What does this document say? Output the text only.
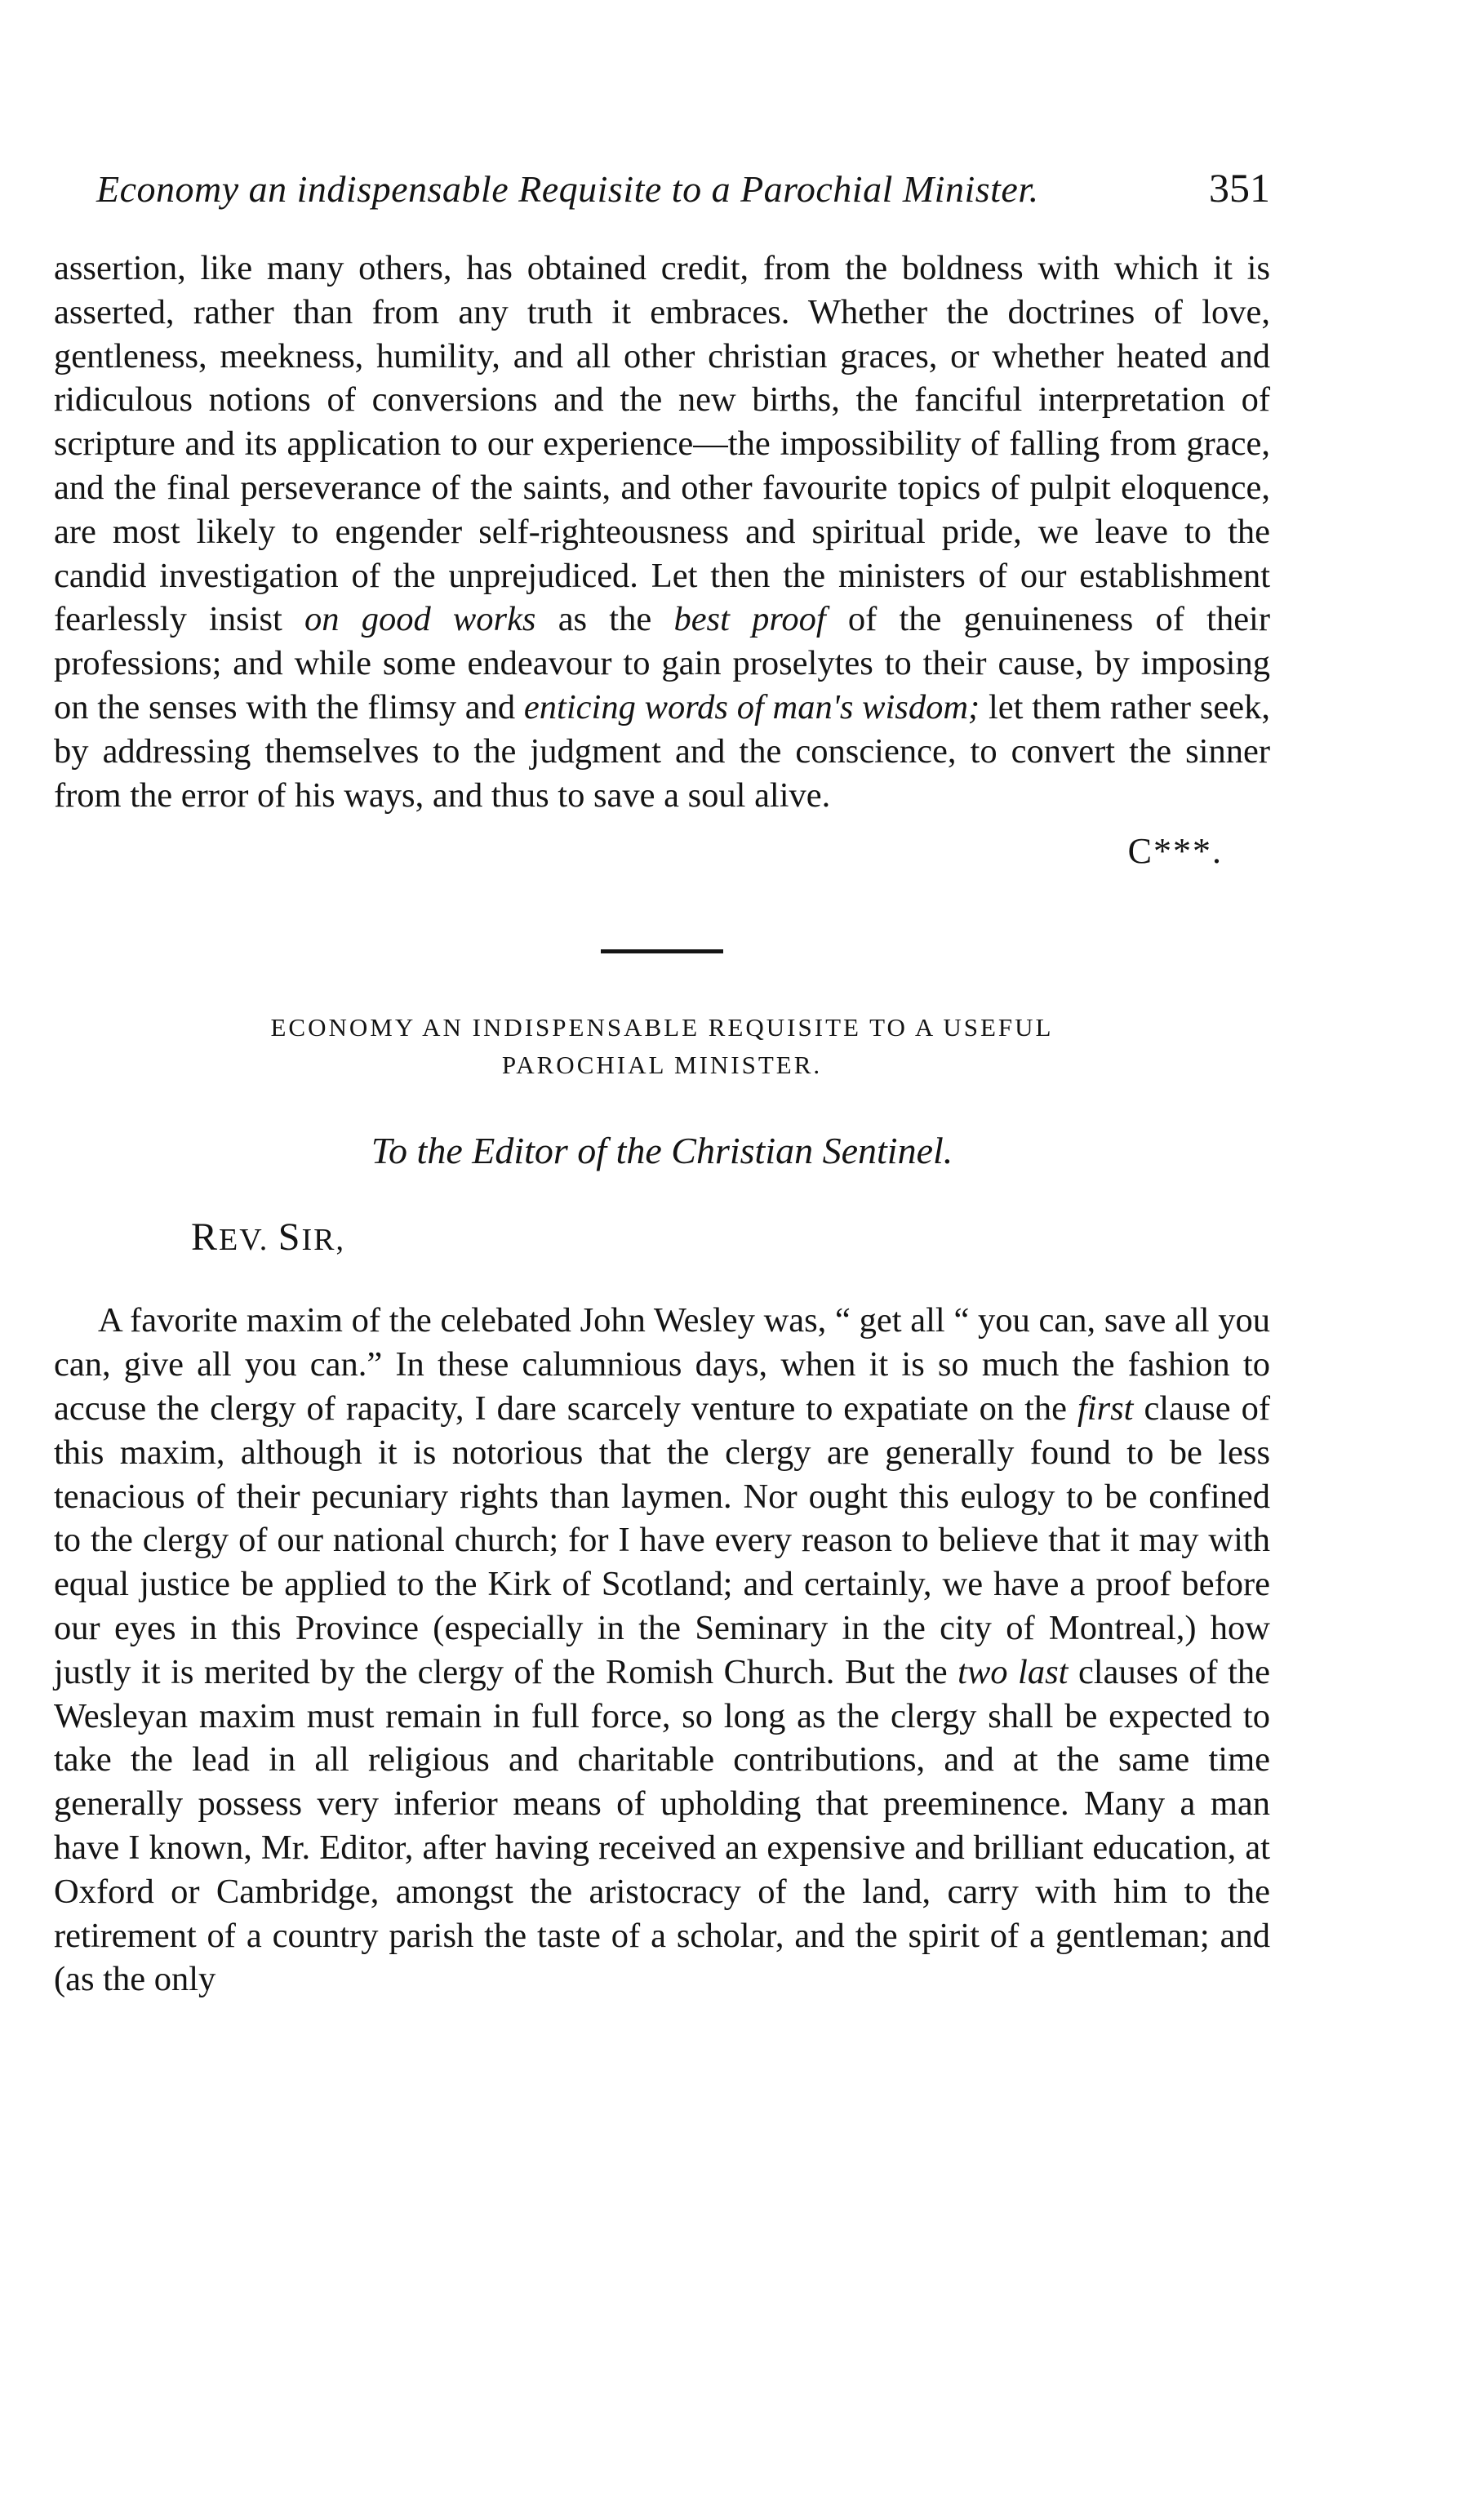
Economy an indispensable Requisite to a Parochial Minister.	351

assertion, like many others, has obtained credit, from the boldness with which it is asserted, rather than from any truth it embraces. Whether the doctrines of love, gentleness, meekness, humility, and all other christian graces, or whether heated and ridiculous notions of conversions and the new births, the fanciful interpretation of scripture and its application to our experience—the impossibility of falling from grace, and the final perseverance of the saints, and other favourite topics of pulpit eloquence, are most likely to engender self-righteousness and spiritual pride, we leave to the candid investigation of the unprejudiced. Let then the ministers of our establishment fearlessly insist on good works as the best proof of the genuineness of their professions; and while some endeavour to gain proselytes to their cause, by imposing on the senses with the flimsy and enticing words of man's wisdom; let them rather seek, by addressing themselves to the judgment and the conscience, to convert the sinner from the error of his ways, and thus to save a soul alive.

C***.

ECONOMY AN INDISPENSABLE REQUISITE TO A USEFUL

PAROCHIAL MINISTER.

To the Editor of the Christian Sentinel.

REV. SIR,

A favorite maxim of the celebated John Wesley was, “ get all “ you can, save all you can, give all you can.” In these calumnious days, when it is so much the fashion to accuse the clergy of rapacity, I dare scarcely venture to expatiate on the first clause of this maxim, although it is notorious that the clergy are generally found to be less tenacious of their pecuniary rights than laymen. Nor ought this eulogy to be confined to the clergy of our national church; for I have every reason to believe that it may with equal justice be applied to the Kirk of Scotland; and certainly, we have a proof before our eyes in this Province (especially in the Seminary in the city of Montreal,) how justly it is merited by the clergy of the Romish Church. But the two last clauses of the Wesleyan maxim must remain in full force, so long as the clergy shall be expected to take the lead in all religious and charitable contributions, and at the same time generally possess very inferior means of upholding that preeminence. Many a man have I known, Mr. Editor, after having received an expensive and brilliant education, at Oxford or Cambridge, amongst the aristocracy of the land, carry with him to the retirement of a country parish the taste of a scholar, and the spirit of a gentleman; and (as the only
